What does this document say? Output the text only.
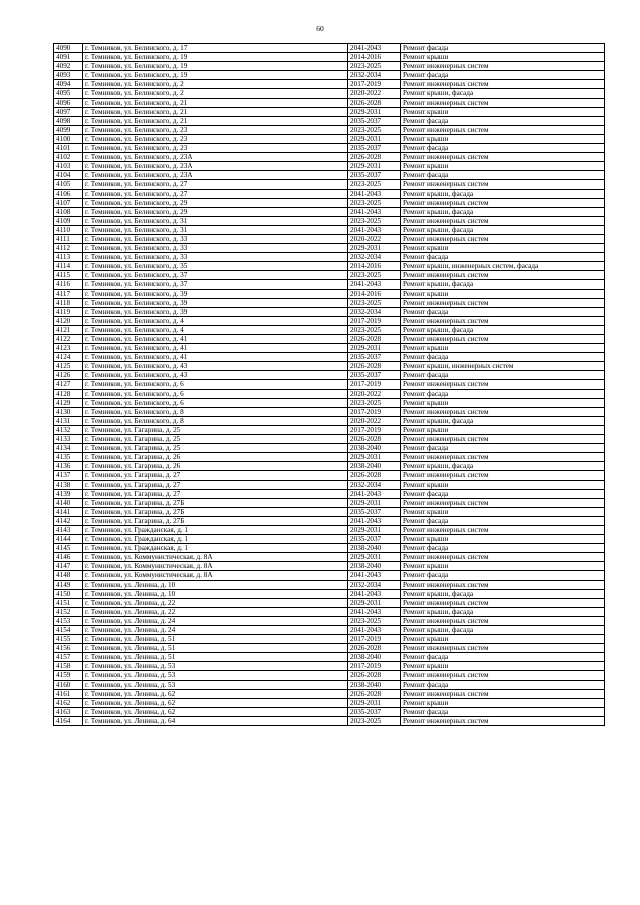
60
4090	г. Темников, ул. Белинского, д. 17	2041-2043	Ремонт фасада
4091	г. Темников, ул. Белинского, д. 19	2014-2016	Ремонт крыши
4092	г. Темников, ул. Белинского, д. 19	2023-2025	Ремонт инженерных систем
4093	г. Темников, ул. Белинского, д. 19	2032-2034	Ремонт фасада
4094	г. Темников, ул. Белинского, д. 2	2017-2019	Ремонт инженерных систем
4095	г. Темников, ул. Белинского, д. 2	2020-2022	Ремонт крыши, фасада
4096	г. Темников, ул. Белинского, д. 21	2026-2028	Ремонт инженерных систем
4097	г. Темников, ул. Белинского, д. 21	2029-2031	Ремонт крыши
4098	г. Темников, ул. Белинского, д. 21	2035-2037	Ремонт фасада
4099	г. Темников, ул. Белинского, д. 23	2023-2025	Ремонт инженерных систем
4100	г. Темников, ул. Белинского, д. 23	2029-2031	Ремонт крыши
4101	г. Темников, ул. Белинского, д. 23	2035-2037	Ремонт фасада
4102	г. Темников, ул. Белинского, д. 23А	2026-2028	Ремонт инженерных систем
4103	г. Темников, ул. Белинского, д. 23А	2029-2031	Ремонт крыши
4104	г. Темников, ул. Белинского, д. 23А	2035-2037	Ремонт фасада
4105	г. Темников, ул. Белинского, д. 27	2023-2025	Ремонт инженерных систем
4106	г. Темников, ул. Белинского, д. 27	2041-2043	Ремонт крыши, фасада
4107	г. Темников, ул. Белинского, д. 29	2023-2025	Ремонт инженерных систем
4108	г. Темников, ул. Белинского, д. 29	2041-2043	Ремонт крыши, фасада
4109	г. Темников, ул. Белинского, д. 31	2023-2025	Ремонт инженерных систем
4110	г. Темников, ул. Белинского, д. 31	2041-2043	Ремонт крыши, фасада
4111	г. Темников, ул. Белинского, д. 33	2020-2022	Ремонт инженерных систем
4112	г. Темников, ул. Белинского, д. 33	2029-2031	Ремонт крыши
4113	г. Темников, ул. Белинского, д. 33	2032-2034	Ремонт фасада
4114	г. Темников, ул. Белинского, д. 35	2014-2016	Ремонт крыши, инженерных систем, фасада
4115	г. Темников, ул. Белинского, д. 37	2023-2025	Ремонт инженерных систем
4116	г. Темников, ул. Белинского, д. 37	2041-2043	Ремонт крыши, фасада
4117	г. Темников, ул. Белинского, д. 39	2014-2016	Ремонт крыши
4118	г. Темников, ул. Белинского, д. 39	2023-2025	Ремонт инженерных систем
4119	г. Темников, ул. Белинского, д. 39	2032-2034	Ремонт фасада
4120	г. Темников, ул. Белинского, д. 4	2017-2019	Ремонт инженерных систем
4121	г. Темников, ул. Белинского, д. 4	2023-2025	Ремонт крыши, фасада
4122	г. Темников, ул. Белинского, д. 41	2026-2028	Ремонт инженерных систем
4123	г. Темников, ул. Белинского, д. 41	2029-2031	Ремонт крыши
4124	г. Темников, ул. Белинского, д. 41	2035-2037	Ремонт фасада
4125	г. Темников, ул. Белинского, д. 43	2026-2028	Ремонт крыши, инженерных систем
4126	г. Темников, ул. Белинского, д. 43	2035-2037	Ремонт фасада
4127	г. Темников, ул. Белинского, д. 6	2017-2019	Ремонт инженерных систем
4128	г. Темников, ул. Белинского, д. 6	2020-2022	Ремонт фасада
4129	г. Темников, ул. Белинского, д. 6	2023-2025	Ремонт крыши
4130	г. Темников, ул. Белинского, д. 8	2017-2019	Ремонт инженерных систем
4131	г. Темников, ул. Белинского, д. 8	2020-2022	Ремонт крыши, фасада
4132	г. Темников, ул. Гагарина, д. 25	2017-2019	Ремонт крыши
4133	г. Темников, ул. Гагарина, д. 25	2026-2028	Ремонт инженерных систем
4134	г. Темников, ул. Гагарина, д. 25	2038-2040	Ремонт фасада
4135	г. Темников, ул. Гагарина, д. 26	2029-2031	Ремонт инженерных систем
4136	г. Темников, ул. Гагарина, д. 26	2038-2040	Ремонт крыши, фасада
4137	г. Темников, ул. Гагарина, д. 27	2026-2028	Ремонт инженерных систем
4138	г. Темников, ул. Гагарина, д. 27	2032-2034	Ремонт крыши
4139	г. Темников, ул. Гагарина, д. 27	2041-2043	Ремонт фасада
4140	г. Темников, ул. Гагарина, д. 27Б	2029-2031	Ремонт инженерных систем
4141	г. Темников, ул. Гагарина, д. 27Б	2035-2037	Ремонт крыши
4142	г. Темников, ул. Гагарина, д. 27Б	2041-2043	Ремонт фасада
4143	г. Темников, ул. Гражданская, д. 1	2029-2031	Ремонт инженерных систем
4144	г. Темников, ул. Гражданская, д. 1	2035-2037	Ремонт крыши
4145	г. Темников, ул. Гражданская, д. 1	2038-2040	Ремонт фасада
4146	г. Темников, ул. Коммунистическая, д. 8А	2029-2031	Ремонт инженерных систем
4147	г. Темников, ул. Коммунистическая, д. 8А	2038-2040	Ремонт крыши
4148	г. Темников, ул. Коммунистическая, д. 8А	2041-2043	Ремонт фасада
4149	г. Темников, ул. Ленина, д. 10	2032-2034	Ремонт инженерных систем
4150	г. Темников, ул. Ленина, д. 10	2041-2043	Ремонт крыши, фасада
4151	г. Темников, ул. Ленина, д. 22	2029-2031	Ремонт инженерных систем
4152	г. Темников, ул. Ленина, д. 22	2041-2043	Ремонт крыши, фасада
4153	г. Темников, ул. Ленина, д. 24	2023-2025	Ремонт инженерных систем
4154	г. Темников, ул. Ленина, д. 24	2041-2043	Ремонт крыши, фасада
4155	г. Темников, ул. Ленина, д. 51	2017-2019	Ремонт крыши
4156	г. Темников, ул. Ленина, д. 51	2026-2028	Ремонт инженерных систем
4157	г. Темников, ул. Ленина, д. 51	2038-2040	Ремонт фасада
4158	г. Темников, ул. Ленина, д. 53	2017-2019	Ремонт крыши
4159	г. Темников, ул. Ленина, д. 53	2026-2028	Ремонт инженерных систем
4160	г. Темников, ул. Ленина, д. 53	2038-2040	Ремонт фасада
4161	г. Темников, ул. Ленина, д. 62	2026-2028	Ремонт инженерных систем
4162	г. Темников, ул. Ленина, д. 62	2029-2031	Ремонт крыши
4163	г. Темников, ул. Ленина, д. 62	2035-2037	Ремонт фасада
4164	г. Темников, ул. Ленина, д. 64	2023-2025	Ремонт инженерных систем
